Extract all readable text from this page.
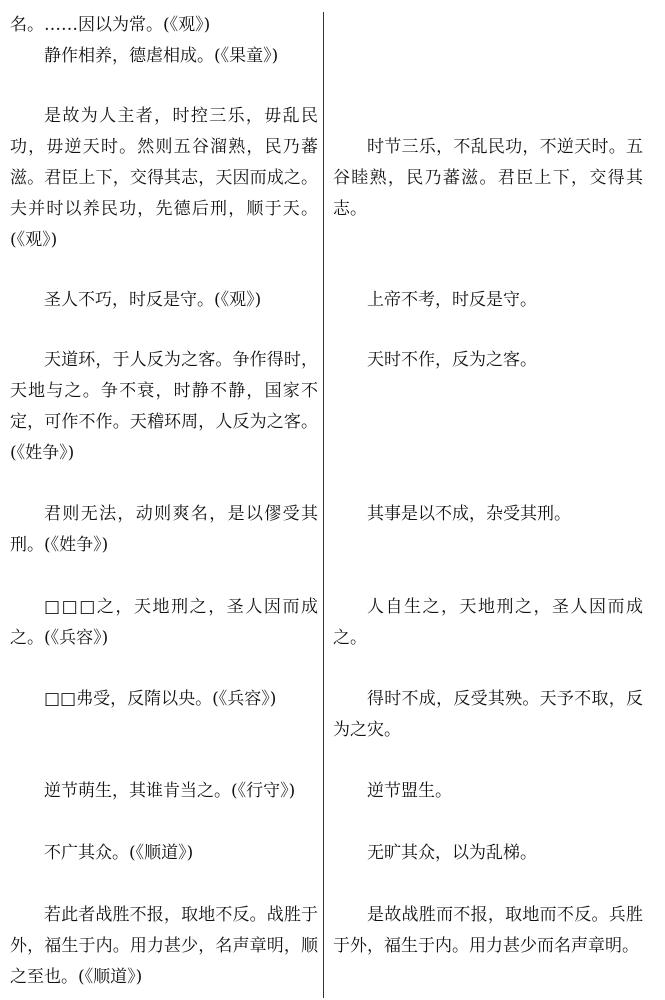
名。……因以为常。(《观》)

静作相养，德虐相成。(《果童》)

是故为人主者，时控三乐，毋乱民功，毋逆天时。然则五谷溜熟，民乃蕃滋。君臣上下，交得其志，天因而成之。夫并时以养民功，先德后刑，顺于天。(《观》)

圣人不巧，时反是守。(《观》)

天道环，于人反为之客。争作得时，天地与之。争不衰，时静不静，国家不定，可作不作。天稽环周，人反为之客。(《姓争》)

君则无法，动则爽名，是以僇受其刑。(《姓争》)

□□□之，天地刑之，圣人因而成之。(《兵容》)

□□弗受，反隋以央。(《兵容》)

逆节萌生，其谁肯当之。(《行守》)

不广其众。(《顺道》)

若此者战胜不报，取地不反。战胜于外，福生于内。用力甚少，名声章明，顺之至也。(《顺道》)

时节三乐，不乱民功，不逆天时。五谷睦熟，民乃蕃滋。君臣上下，交得其志。

上帝不考，时反是守。

天时不作，反为之客。

其事是以不成，杂受其刑。

人自生之，天地刑之，圣人因而成之。

得时不成，反受其殃。天予不取，反为之灾。

逆节盟生。

无旷其众，以为乱梯。

是故战胜而不报，取地而不反。兵胜于外，福生于内。用力甚少而名声章明。
